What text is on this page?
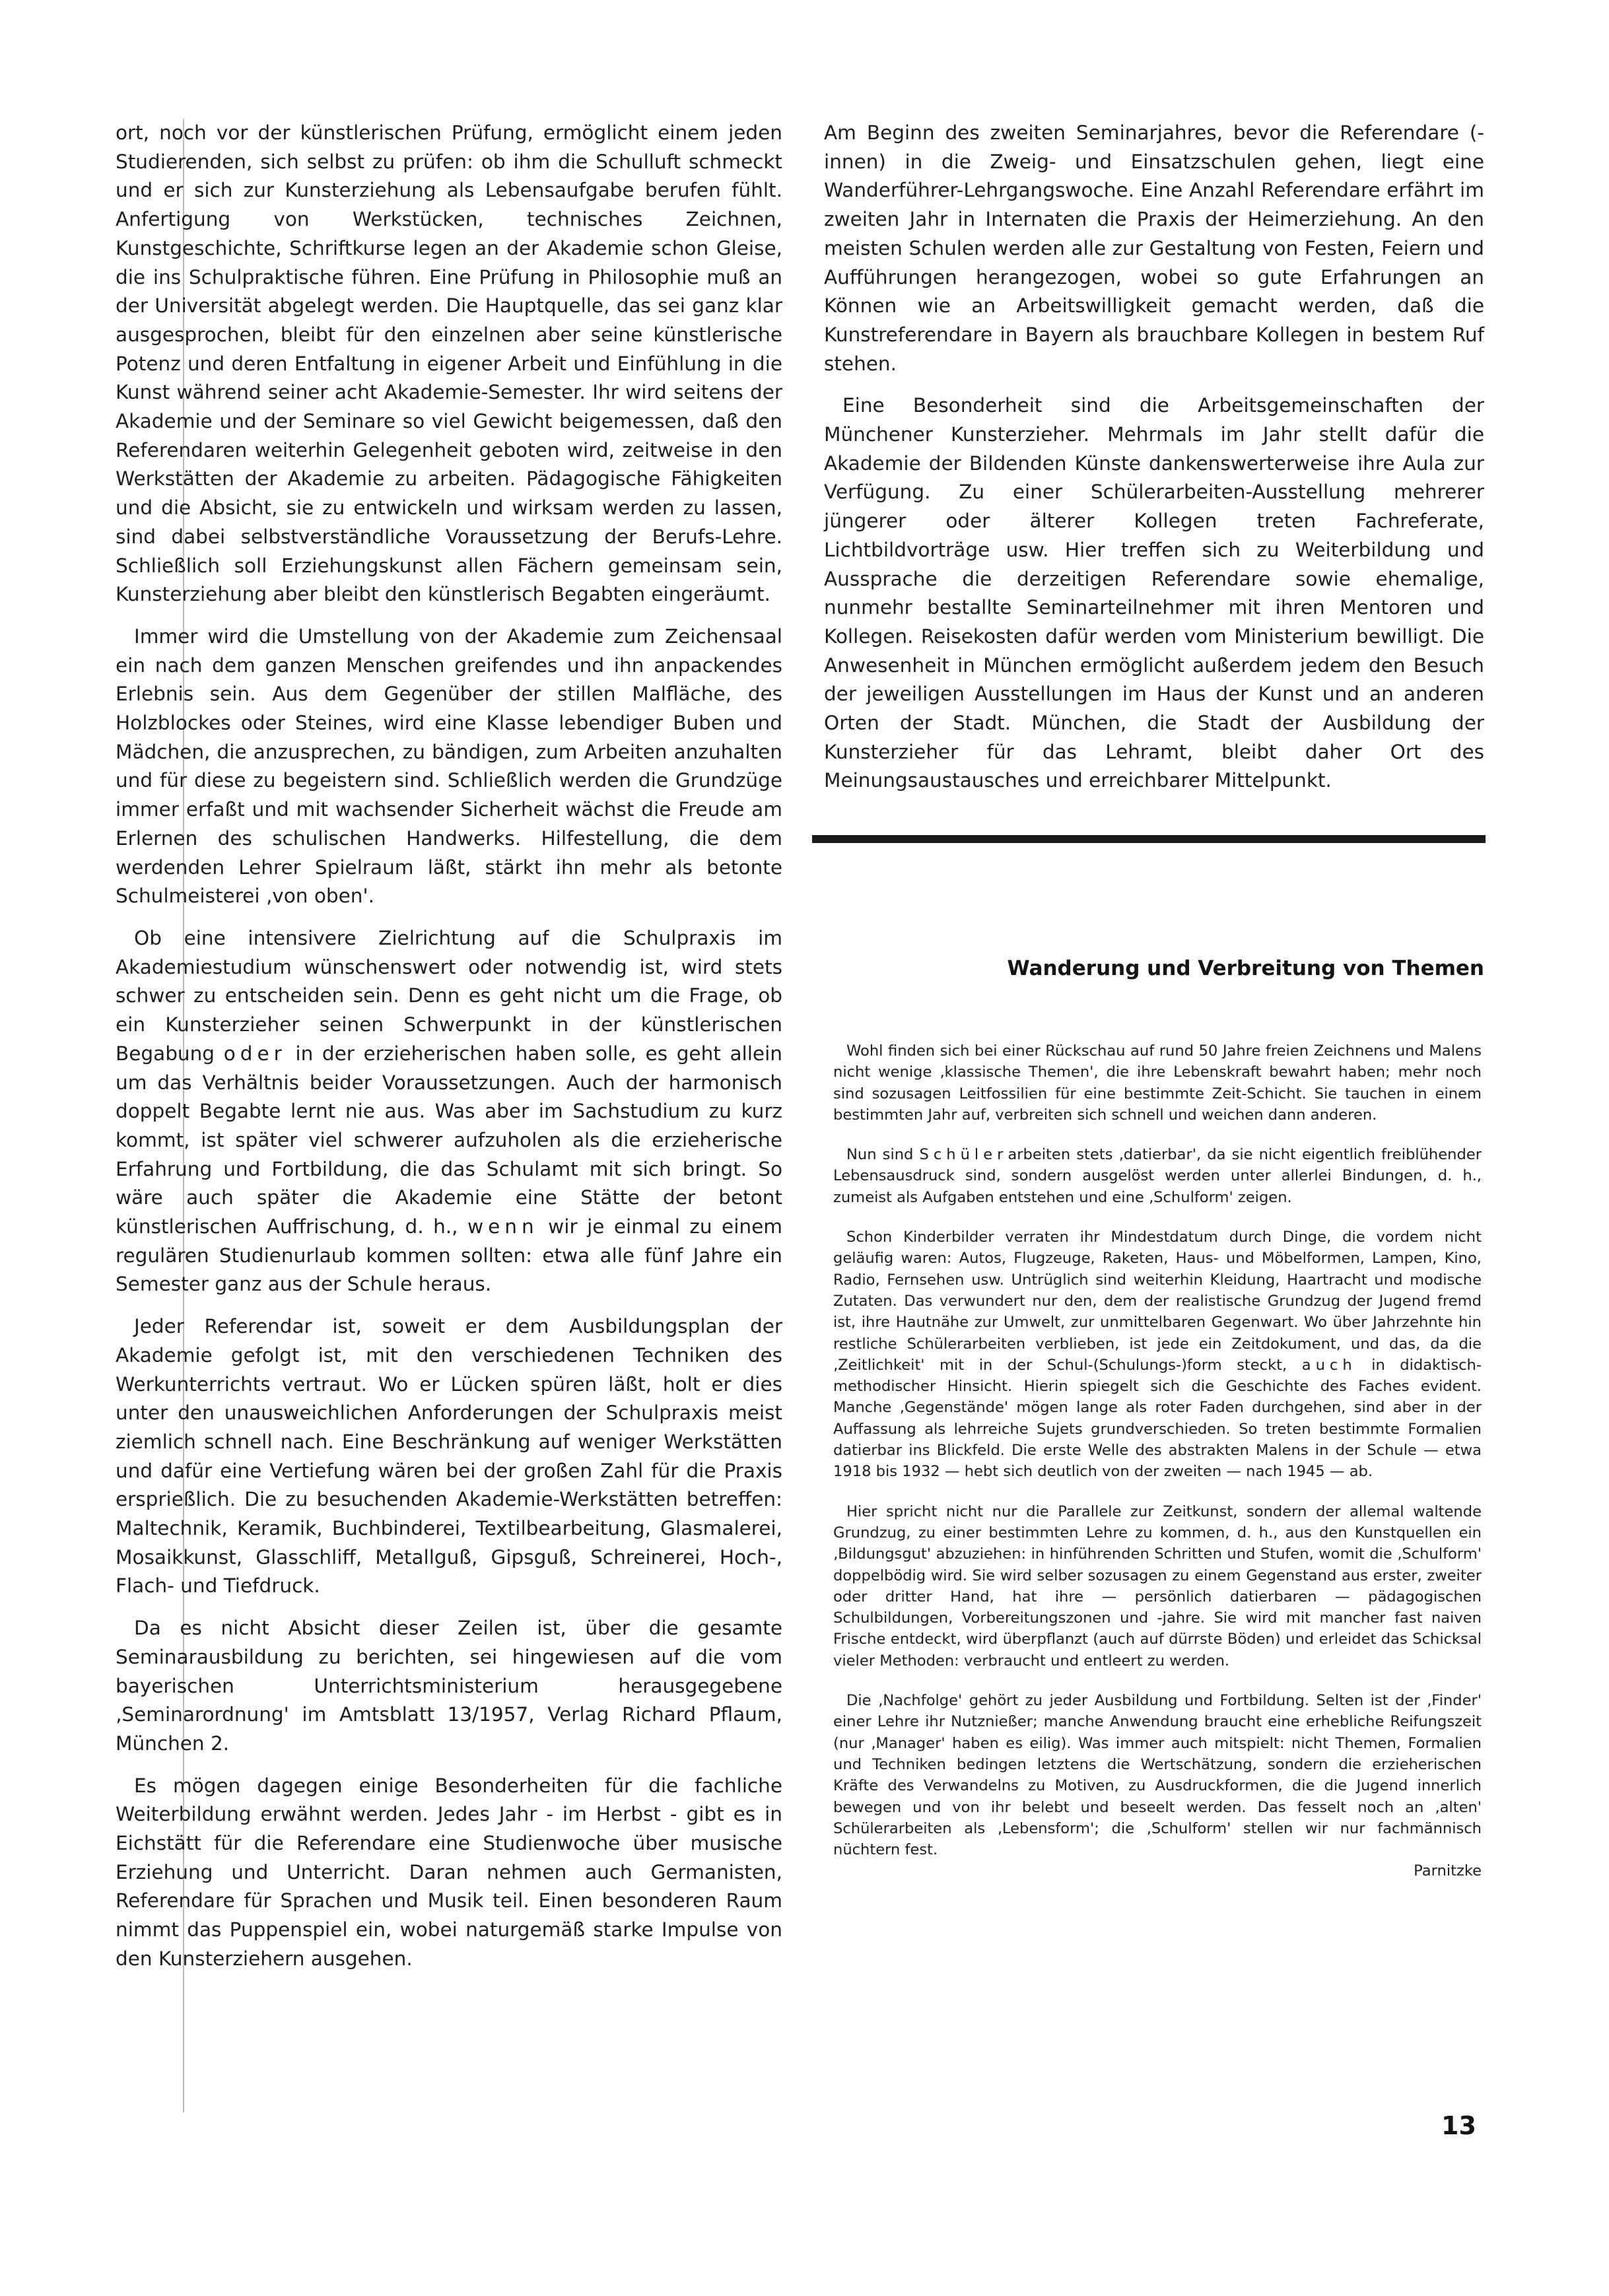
ort, noch vor der künstlerischen Prüfung, ermöglicht einem jeden Studierenden, sich selbst zu prüfen: ob ihm die Schulluft schmeckt und er sich zur Kunsterziehung als Lebensaufgabe berufen fühlt. Anfertigung von Werkstücken, technisches Zeichnen, Kunstgeschichte, Schriftkurse legen an der Akademie schon Gleise, die ins Schulpraktische führen. Eine Prüfung in Philosophie muß an der Universität abgelegt werden. Die Hauptquelle, das sei ganz klar ausgesprochen, bleibt für den einzelnen aber seine künstlerische Potenz und deren Entfaltung in eigener Arbeit und Einfühlung in die Kunst während seiner acht Akademie-Semester. Ihr wird seitens der Akademie und der Seminare so viel Gewicht beigemessen, daß den Referendaren weiterhin Gelegenheit geboten wird, zeitweise in den Werkstätten der Akademie zu arbeiten. Pädagogische Fähigkeiten und die Absicht, sie zu entwickeln und wirksam werden zu lassen, sind dabei selbstverständliche Voraussetzung der Berufs-Lehre. Schließlich soll Erziehungskunst allen Fächern gemeinsam sein, Kunsterziehung aber bleibt den künstlerisch Begabten eingeräumt.

Immer wird die Umstellung von der Akademie zum Zeichensaal ein nach dem ganzen Menschen greifendes und ihn anpackendes Erlebnis sein. Aus dem Gegenüber der stillen Malfläche, des Holzblockes oder Steines, wird eine Klasse lebendiger Buben und Mädchen, die anzusprechen, zu bändigen, zum Arbeiten anzuhalten und für diese zu begeistern sind. Schließlich werden die Grundzüge immer erfaßt und mit wachsender Sicherheit wächst die Freude am Erlernen des schulischen Handwerks. Hilfestellung, die dem werdenden Lehrer Spielraum läßt, stärkt ihn mehr als betonte Schulmeisterei ‚von oben'.

Ob eine intensivere Zielrichtung auf die Schulpraxis im Akademiestudium wünschenswert oder notwendig ist, wird stets schwer zu entscheiden sein. Denn es geht nicht um die Frage, ob ein Kunsterzieher seinen Schwerpunkt in der künstlerischen Begabung oder in der erzieherischen haben solle, es geht allein um das Verhältnis beider Voraussetzungen. Auch der harmonisch doppelt Begabte lernt nie aus. Was aber im Sachstudium zu kurz kommt, ist später viel schwerer aufzuholen als die erzieherische Erfahrung und Fortbildung, die das Schulamt mit sich bringt. So wäre auch später die Akademie eine Stätte der betont künstlerischen Auffrischung, d. h., wenn wir je einmal zu einem regulären Studienurlaub kommen sollten: etwa alle fünf Jahre ein Semester ganz aus der Schule heraus.

Jeder Referendar ist, soweit er dem Ausbildungsplan der Akademie gefolgt ist, mit den verschiedenen Techniken des Werkunterrichts vertraut. Wo er Lücken spüren läßt, holt er dies unter den unausweichlichen Anforderungen der Schulpraxis meist ziemlich schnell nach. Eine Beschränkung auf weniger Werkstätten und dafür eine Vertiefung wären bei der großen Zahl für die Praxis ersprießlich. Die zu besuchenden Akademie-Werkstätten betreffen: Maltechnik, Keramik, Buchbinderei, Textilbearbeitung, Glasmalerei, Mosaikkunst, Glasschliff, Metallguß, Gipsguß, Schreinerei, Hoch-, Flach- und Tiefdruck.

Da es nicht Absicht dieser Zeilen ist, über die gesamte Seminarausbildung zu berichten, sei hingewiesen auf die vom bayerischen Unterrichtsministerium herausgegebene ‚Seminarordnung' im Amtsblatt 13/1957, Verlag Richard Pflaum, München 2.

Es mögen dagegen einige Besonderheiten für die fachliche Weiterbildung erwähnt werden. Jedes Jahr - im Herbst - gibt es in Eichstätt für die Referendare eine Studienwoche über musische Erziehung und Unterricht. Daran nehmen auch Germanisten, Referendare für Sprachen und Musik teil. Einen besonderen Raum nimmt das Puppenspiel ein, wobei naturgemäß starke Impulse von den Kunsterziehern ausgehen.

Am Beginn des zweiten Seminarjahres, bevor die Referendare (-innen) in die Zweig- und Einsatzschulen gehen, liegt eine Wanderführer-Lehrgangswoche. Eine Anzahl Referendare erfährt im zweiten Jahr in Internaten die Praxis der Heimerziehung. An den meisten Schulen werden alle zur Gestaltung von Festen, Feiern und Aufführungen herangezogen, wobei so gute Erfahrungen an Können wie an Arbeitswilligkeit gemacht werden, daß die Kunstreferendare in Bayern als brauchbare Kollegen in bestem Ruf stehen.

Eine Besonderheit sind die Arbeitsgemeinschaften der Münchener Kunsterzieher. Mehrmals im Jahr stellt dafür die Akademie der Bildenden Künste dankenswerterweise ihre Aula zur Verfügung. Zu einer Schülerarbeiten-Ausstellung mehrerer jüngerer oder älterer Kollegen treten Fachreferate, Lichtbildvorträge usw. Hier treffen sich zu Weiterbildung und Aussprache die derzeitigen Referendare sowie ehemalige, nunmehr bestallte Seminarteilnehmer mit ihren Mentoren und Kollegen. Reisekosten dafür werden vom Ministerium bewilligt. Die Anwesenheit in München ermöglicht außerdem jedem den Besuch der jeweiligen Ausstellungen im Haus der Kunst und an anderen Orten der Stadt. München, die Stadt der Ausbildung der Kunsterzieher für das Lehramt, bleibt daher Ort des Meinungsaustausches und erreichbarer Mittelpunkt.

Wanderung und Verbreitung von Themen

Wohl finden sich bei einer Rückschau auf rund 50 Jahre freien Zeichnens und Malens nicht wenige ‚klassische Themen', die ihre Lebenskraft bewahrt haben; mehr noch sind sozusagen Leitfossilien für eine bestimmte Zeit-Schicht. Sie tauchen in einem bestimmten Jahr auf, verbreiten sich schnell und weichen dann anderen.

Nun sind Schülerarbeiten stets ‚datierbar', da sie nicht eigentlich freiblühender Lebensausdruck sind, sondern ausgelöst werden unter allerlei Bindungen, d. h., zumeist als Aufgaben entstehen und eine ‚Schulform' zeigen.

Schon Kinderbilder verraten ihr Mindestdatum durch Dinge, die vordem nicht geläufig waren: Autos, Flugzeuge, Raketen, Haus- und Möbelformen, Lampen, Kino, Radio, Fernsehen usw. Untrüglich sind weiterhin Kleidung, Haartracht und modische Zutaten. Das verwundert nur den, dem der realistische Grundzug der Jugend fremd ist, ihre Hautnähe zur Umwelt, zur unmittelbaren Gegenwart. Wo über Jahrzehnte hin restliche Schülerarbeiten verblieben, ist jede ein Zeitdokument, und das, da die ‚Zeitlichkeit' mit in der Schul-(Schulungs-)form steckt, auch in didaktisch-methodischer Hinsicht. Hierin spiegelt sich die Geschichte des Faches evident. Manche ‚Gegenstände' mögen lange als roter Faden durchgehen, sind aber in der Auffassung als lehrreiche Sujets grundverschieden. So treten bestimmte Formalien datierbar ins Blickfeld. Die erste Welle des abstrakten Malens in der Schule — etwa 1918 bis 1932 — hebt sich deutlich von der zweiten — nach 1945 — ab.

Hier spricht nicht nur die Parallele zur Zeitkunst, sondern der allemal waltende Grundzug, zu einer bestimmten Lehre zu kommen, d. h., aus den Kunstquellen ein ‚Bildungsgut' abzuziehen: in hinführenden Schritten und Stufen, womit die ‚Schulform' doppelbödig wird. Sie wird selber sozusagen zu einem Gegenstand aus erster, zweiter oder dritter Hand, hat ihre — persönlich datierbaren — pädagogischen Schulbildungen, Vorbereitungszonen und -jahre. Sie wird mit mancher fast naiven Frische entdeckt, wird überpflanzt (auch auf dürrste Böden) und erleidet das Schicksal vieler Methoden: verbraucht und entleert zu werden.

Die ‚Nachfolge' gehört zu jeder Ausbildung und Fortbildung. Selten ist der ‚Finder' einer Lehre ihr Nutznießer; manche Anwendung braucht eine erhebliche Reifungszeit (nur ‚Manager' haben es eilig). Was immer auch mitspielt: nicht Themen, Formalien und Techniken bedingen letztens die Wertschätzung, sondern die erzieherischen Kräfte des Verwandelns zu Motiven, zu Ausdruckformen, die die Jugend innerlich bewegen und von ihr belebt und beseelt werden. Das fesselt noch an ‚alten' Schülerarbeiten als ‚Lebensform'; die ‚Schulform' stellen wir nur fachmännisch nüchtern fest.

Parnitzke
13
